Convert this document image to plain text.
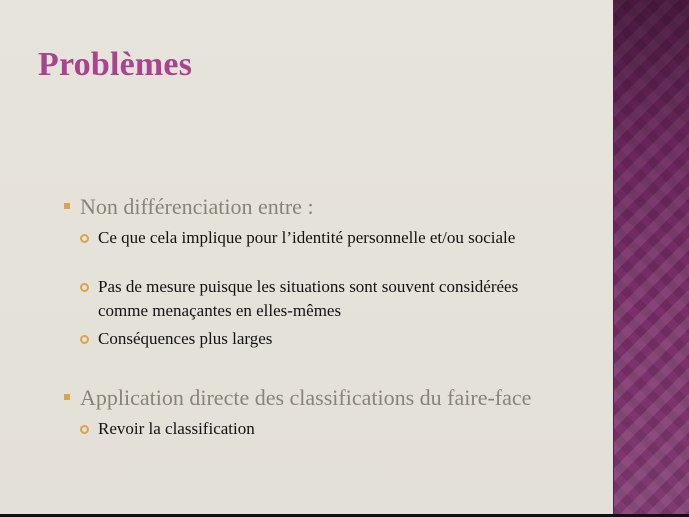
Problèmes
Non différenciation entre :
Ce que cela implique pour l’identité personnelle et/ou sociale
Pas de mesure puisque les situations sont souvent considérées comme menaçantes en elles-mêmes
Conséquences plus larges
Application directe des classifications du faire-face
Revoir la classification
